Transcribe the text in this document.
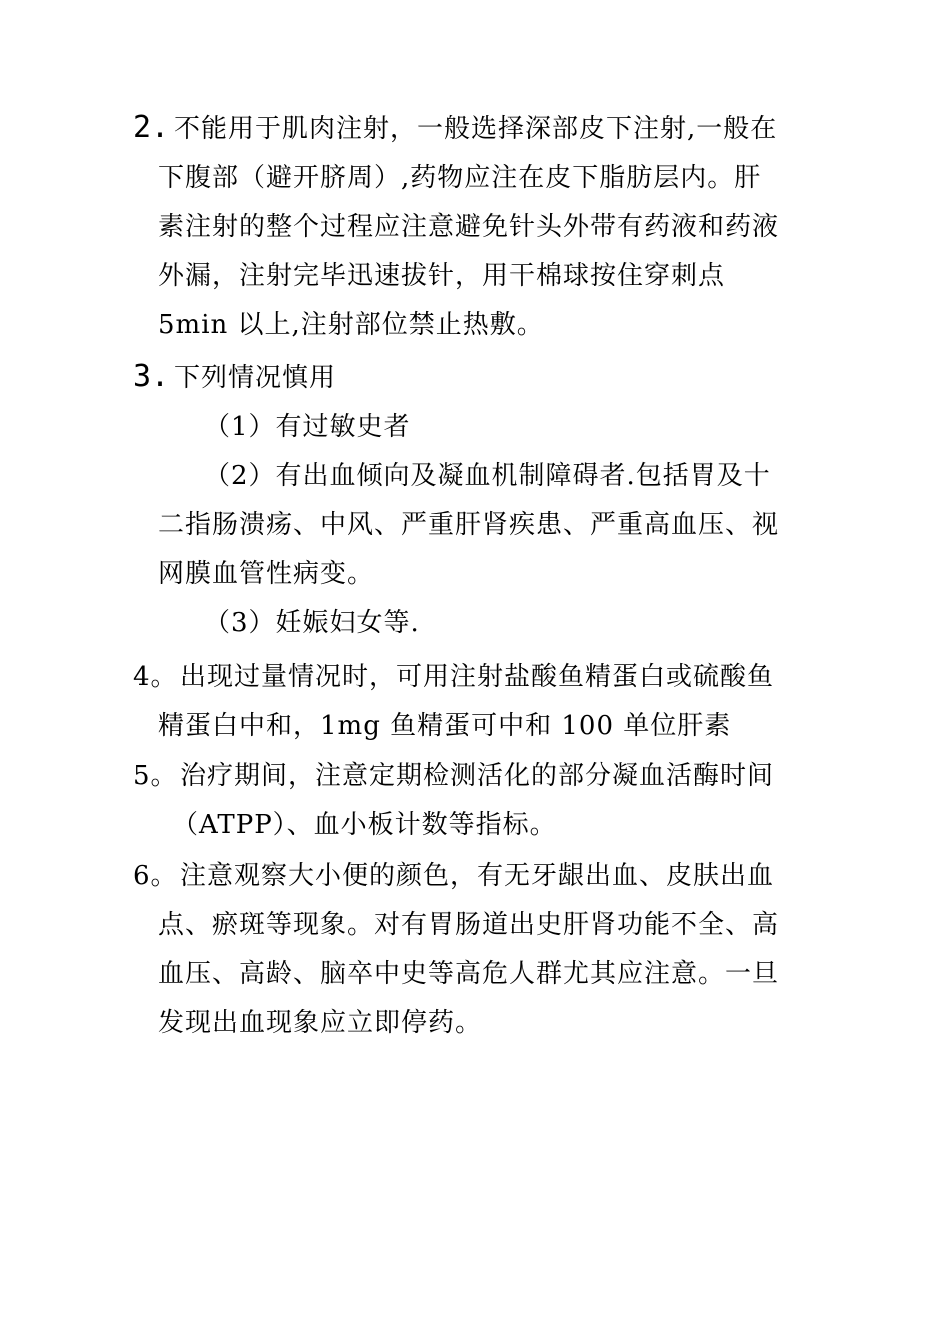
2. 不能用于肌肉注射，一般选择深部皮下注射,一般在
下腹部（避开脐周）,药物应注在皮下脂肪层内。肝
素注射的整个过程应注意避免针头外带有药液和药液
外漏，注射完毕迅速拔针，用干棉球按住穿刺点
5min 以上,注射部位禁止热敷。
3. 下列情况慎用
（1）有过敏史者
（2）有出血倾向及凝血机制障碍者.包括胃及十
二指肠溃疡、中风、严重肝肾疾患、严重高血压、视
网膜血管性病变。
（3）妊娠妇女等.
4。 出现过量情况时，可用注射盐酸鱼精蛋白或硫酸鱼
精蛋白中和，1mg 鱼精蛋可中和 100 单位肝素
5。 治疗期间，注意定期检测活化的部分凝血活酶时间
（ATPP）、血小板计数等指标。
6。 注意观察大小便的颜色，有无牙龈出血、皮肤出血
点、瘀斑等现象。对有胃肠道出史肝肾功能不全、高
血压、高龄、脑卒中史等高危人群尤其应注意。一旦
发现出血现象应立即停药。
